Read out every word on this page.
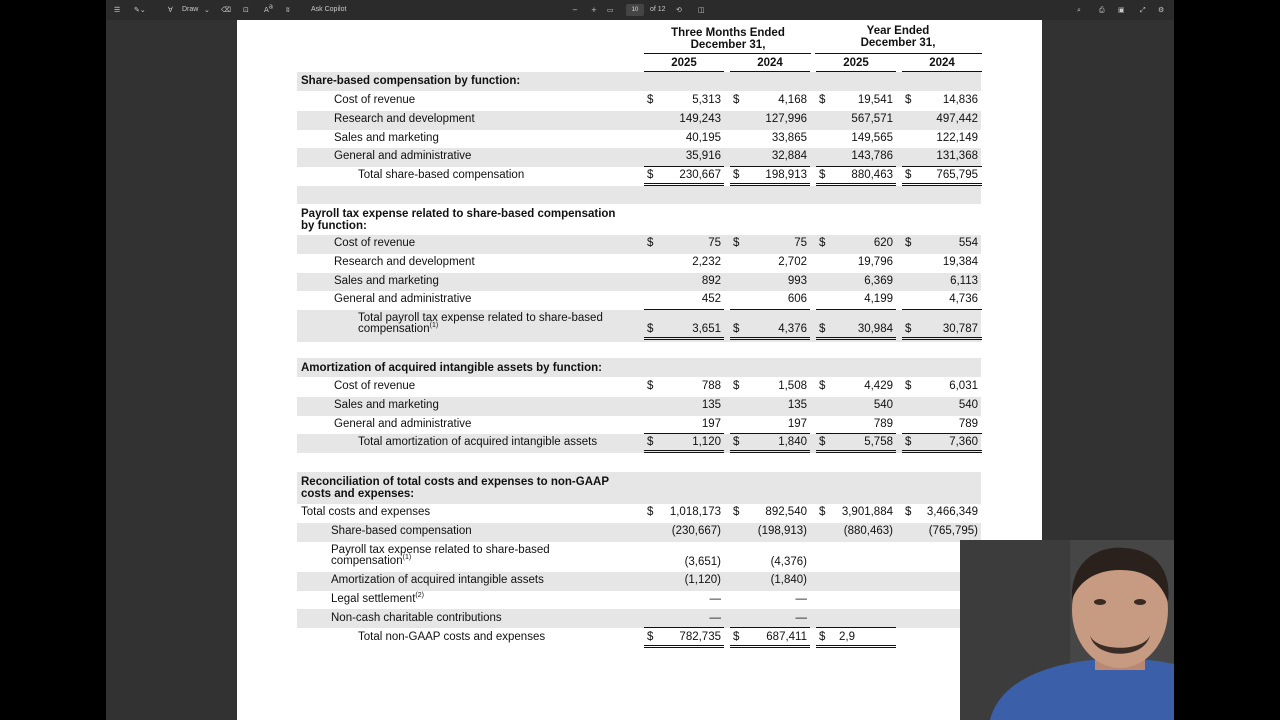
☰ ✎⌄	∀ Draw ⌄ ⌫ ⊡ $A^a$ ʬ	Ask Copilot	− + ▭	10	of 12 ⟲ ◫	⌕	⎙ ▣ ⤢ ⚙
Three Months Ended
December 31,
Year Ended
December 31,
2025	2024	2025	2024
Share-based compensation by function:
Cost of revenue	$	5,313 $	4,168 $	19,541 $	14,836
Research and development	149,243	127,996	567,571	497,442
Sales and marketing	40,195	33,865	149,565	122,149
General and administrative	35,916	32,884	143,786	131,368
Total share-based compensation	$	230,667 $	198,913 $	880,463 $	765,795
Payroll tax expense related to share-based compensation
by function:
Cost of revenue	$	75 $	75 $	620 $	554
Research and development	2,232	2,702	19,796	19,384
Sales and marketing	892	993	6,369	6,113
General and administrative	452	606	4,199	4,736
Total payroll tax expense related to share-based
compensation$^{(1)}$	$	3,651 $	4,376 $	30,984 $	30,787
Amortization of acquired intangible assets by function:
Cost of revenue	$	788 $	1,508 $	4,429 $	6,031
Sales and marketing	135	135	540	540
General and administrative	197	197	789	789
Total amortization of acquired intangible assets	$	1,120 $	1,840 $	5,758 $	7,360
Reconciliation of total costs and expenses to non-GAAP
costs and expenses:
Total costs and expenses	$	1,018,173 $	892,540 $	3,901,884 $	3,466,349
Share-based compensation	(230,667)	(198,913)	(880,463)	(765,795)
Payroll tax expense related to share-based
compensation$^{(1)}$	(3,651)	(4,376)
Amortization of acquired intangible assets	(1,120)	(1,840)
Legal settlement$^{(2)}$	—	—
Non-cash charitable contributions	—	—
Total non-GAAP costs and expenses	$	782,735 $	687,411 $ 2,9
